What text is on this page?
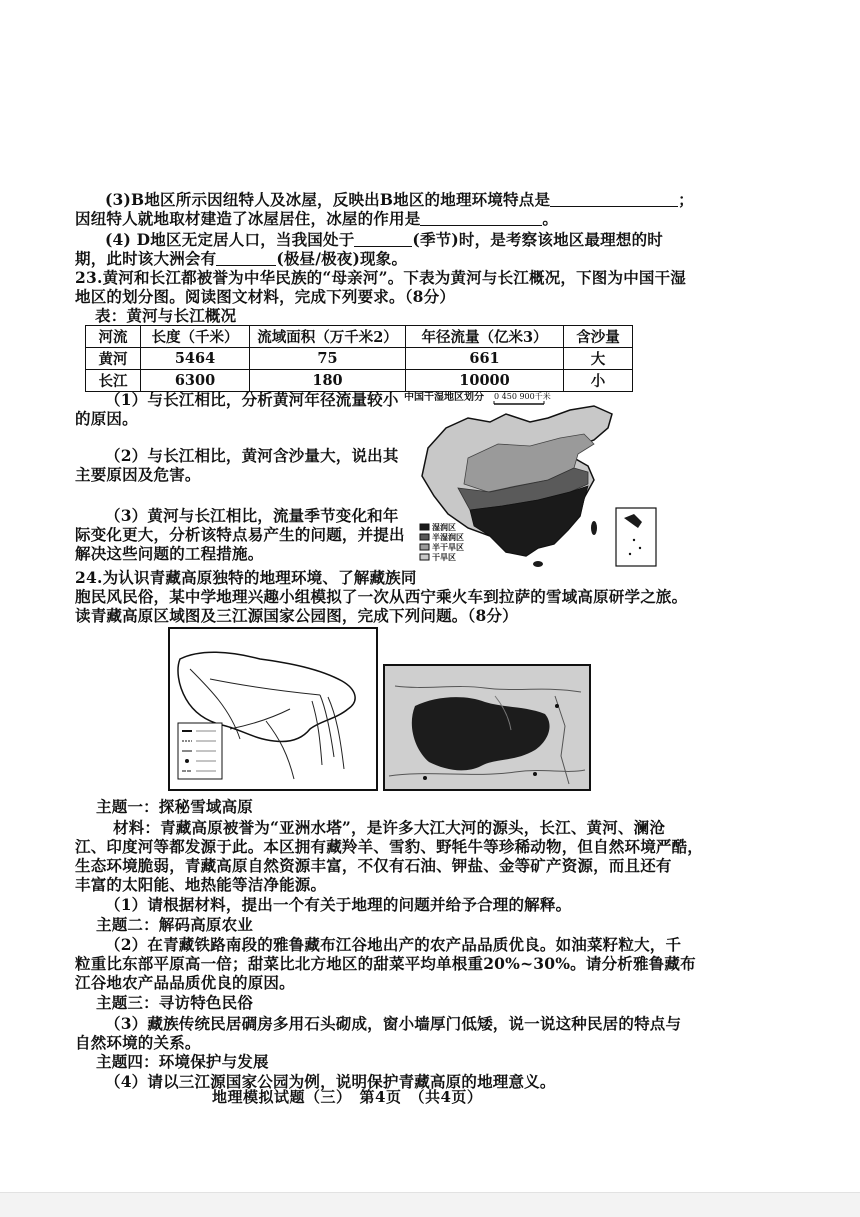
(3)B地区所示因纽特人及冰屋，反映出B地区的地理环境特点是	；
因纽特人就地取材建造了冰屋居住，冰屋的作用是	。
(4) D地区无定居人口，当我国处于	(季节)时，是考察该地区最理想的时
期，此时该大洲会有	(极昼/极夜)现象。
23.黄河和长江都被誉为中华民族的“母亲河”。下表为黄河与长江概况，下图为中国干湿
地区的划分图。阅读图文材料，完成下列要求。（8分）
表：黄河与长江概况
河流	长度（千米）	流域面积（万千米2）	年径流量（亿米3）	含沙量
黄河	5464	75	661	大
长江	6300	180	10000	小
（1）与长江相比，分析黄河年径流量较小
的原因。
（2）与长江相比，黄河含沙量大，说出其
主要原因及危害。
（3）黄河与长江相比，流量季节变化和年
际变化更大，分析该特点易产生的问题，并提出
解决这些问题的工程措施。
中国干湿地区划分 0 450 900千米
湿润区
半湿润区
半干旱区
干旱区
24.为认识青藏高原独特的地理环境、了解藏族同
胞民风民俗，某中学地理兴趣小组模拟了一次从西宁乘火车到拉萨的雪域高原研学之旅。
读青藏高原区域图及三江源国家公园图，完成下列问题。（8分）
主题一：探秘雪域高原
材料：青藏高原被誉为“亚洲水塔”，是许多大江大河的源头，长江、黄河、澜沧
江、印度河等都发源于此。本区拥有藏羚羊、雪豹、野牦牛等珍稀动物，但自然环境严酷，
生态环境脆弱，青藏高原自然资源丰富，不仅有石油、钾盐、金等矿产资源，而且还有
丰富的太阳能、地热能等洁净能源。
（1）请根据材料，提出一个有关于地理的问题并给予合理的解释。
主题二：解码高原农业
（2）在青藏铁路南段的雅鲁藏布江谷地出产的农产品品质优良。如油菜籽粒大，千
粒重比东部平原高一倍；甜菜比北方地区的甜菜平均单根重20%~30%。请分析雅鲁藏布
江谷地农产品品质优良的原因。
主题三：寻访特色民俗
（3）藏族传统民居碉房多用石头砌成，窗小墙厚门低矮，说一说这种民居的特点与
自然环境的关系。
主题四：环境保护与发展
（4）请以三江源国家公园为例，说明保护青藏高原的地理意义。
地理模拟试题（三）　第4页　（共4页）
